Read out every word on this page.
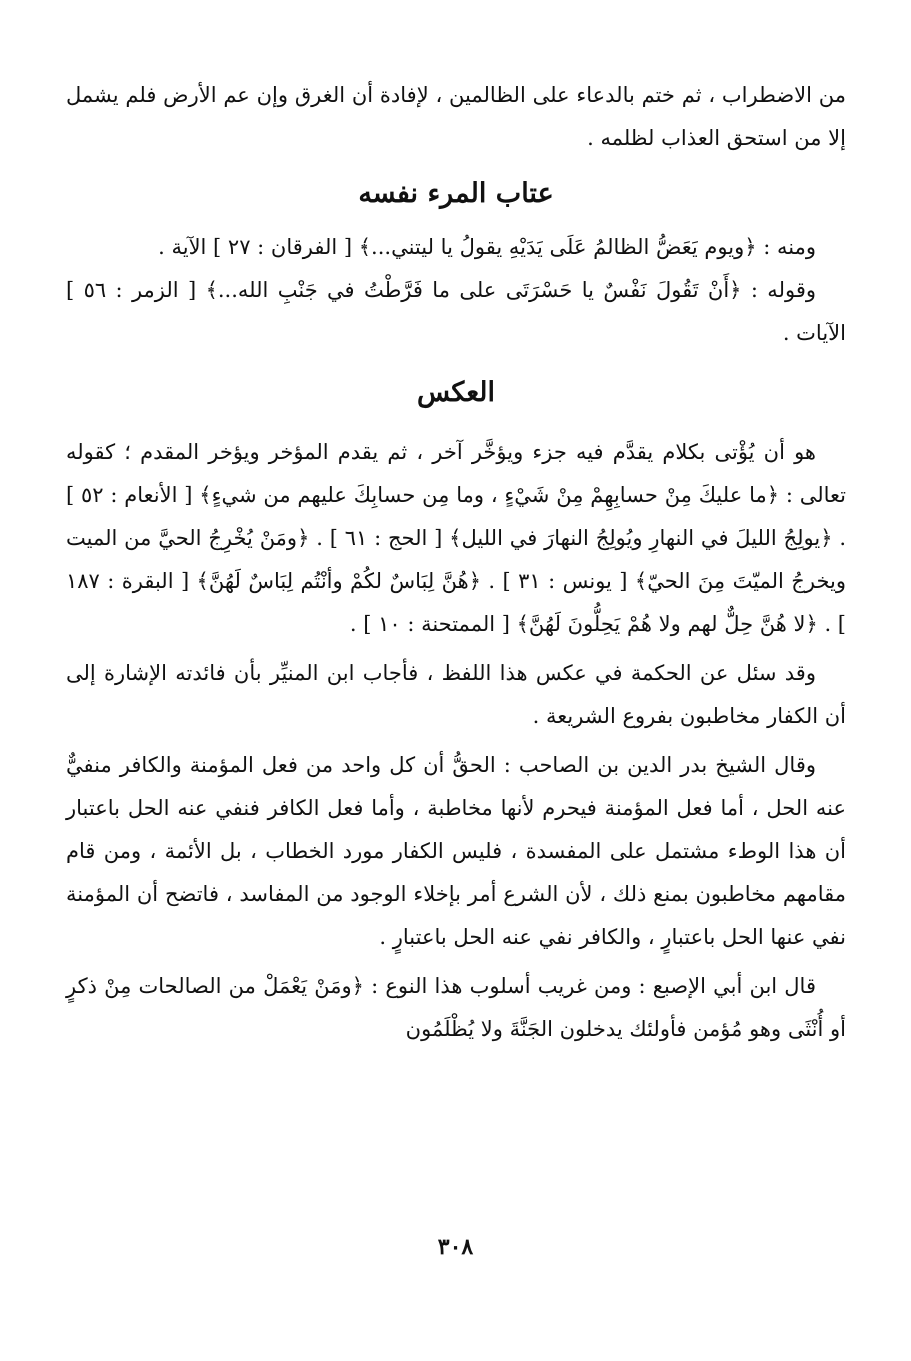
من الاضطراب ، ثم ختم بالدعاء على الظالمين ، لإفادة أن الغرق وإن عم الأرض فلم يشمل إلا من استحق العذاب لظلمه .

عتاب المرء نفسه

ومنه : ﴿ويوم يَعَضُّ الظالمُ عَلَى يَدَيْهِ يقولُ يا ليتني...﴾ [ الفرقان : ٢٧ ] الآية .

وقوله : ﴿أَنْ تَقُولَ نَفْسٌ يا حَسْرَتَى على ما فَرَّطْتُ في جَنْبِ الله...﴾ [ الزمر : ٥٦ ] الآيات .

العكس

هو أن يُؤْتى بكلام يقدَّم فيه جزء ويؤخَّر آخر ، ثم يقدم المؤخر ويؤخر المقدم ؛ كقوله تعالى : ﴿ما عليكَ مِنْ حسابِهِمْ مِنْ شَيْءٍ ، وما مِن حسابِكَ عليهم من شيءٍ﴾ [ الأنعام : ٥٢ ] . ﴿يولِجُ الليلَ في النهارِ ويُولِجُ النهارَ في الليل﴾ [ الحج : ٦١ ] . ﴿ومَنْ يُخْرِجُ الحيَّ من الميت ويخرجُ الميّتَ مِنَ الحيّ﴾ [ يونس : ٣١ ] . ﴿هُنَّ لِبَاسٌ لكُمْ وأنْتُم لِبَاسٌ لَهُنَّ﴾ [ البقرة : ١٨٧ ] . ﴿لا هُنَّ حِلٌّ لهم ولا هُمْ يَحِلُّونَ لَهُنَّ﴾ [ الممتحنة : ١٠ ] .

وقد سئل عن الحكمة في عكس هذا اللفظ ، فأجاب ابن المنيِّر بأن فائدته الإشارة إلى أن الكفار مخاطبون بفروع الشريعة .

وقال الشيخ بدر الدين بن الصاحب : الحقُّ أن كل واحد من فعل المؤمنة والكافر منفيٌّ عنه الحل ، أما فعل المؤمنة فيحرم لأنها مخاطبة ، وأما فعل الكافر فنفي عنه الحل باعتبار أن هذا الوطء مشتمل على المفسدة ، فليس الكفار مورد الخطاب ، بل الأئمة ، ومن قام مقامهم مخاطبون بمنع ذلك ، لأن الشرع أمر بإخلاء الوجود من المفاسد ، فاتضح أن المؤمنة نفي عنها الحل باعتبارٍ ، والكافر نفي عنه الحل باعتبارٍ .

قال ابن أبي الإصبع : ومن غريب أسلوب هذا النوع : ﴿ومَنْ يَعْمَلْ من الصالحات مِنْ ذكرٍ أو أُنْثَى وهو مُؤمن فأولئك يدخلون الجَنَّةَ ولا يُظْلَمُون

٣٠٨
